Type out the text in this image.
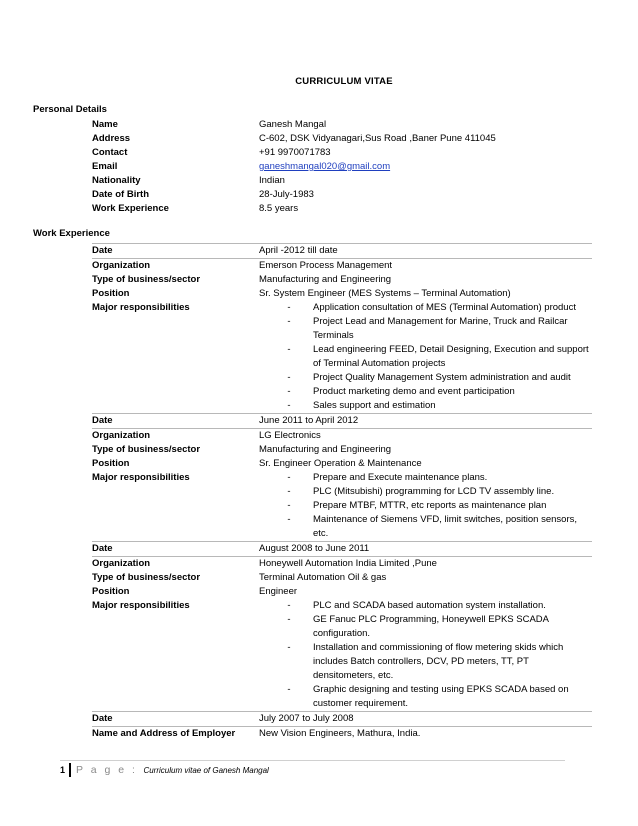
CURRICULUM VITAE
Personal Details
Name	Ganesh Mangal
Address	C-602, DSK Vidyanagari,Sus Road ,Baner Pune 411045
Contact	+91 9970071783
Email	ganeshmangal020@gmail.com
Nationality	Indian
Date of Birth	28-July-1983
Work Experience	8.5 years
Work Experience
Date	April -2012 till date
Organization	Emerson Process Management
Type of business/sector	Manufacturing and Engineering
Position	Sr. System Engineer (MES Systems – Terminal Automation)
Major responsibilities	-	Application consultation of MES (Terminal Automation) product
-	Project Lead and Management for Marine, Truck and Railcar Terminals
-	Lead engineering FEED, Detail Designing, Execution and support of Terminal Automation projects
-	Project Quality Management System administration and audit
-	Product marketing demo and event participation
-	Sales support and estimation
Date	June 2011 to April 2012
Organization	LG Electronics
Type of business/sector	Manufacturing and Engineering
Position	Sr. Engineer Operation & Maintenance
Major responsibilities	-	Prepare and Execute maintenance plans.
-	PLC (Mitsubishi) programming for LCD TV assembly line.
-	Prepare MTBF, MTTR, etc reports as maintenance plan
-	Maintenance of Siemens VFD, limit switches, position sensors, etc.
Date	August 2008 to June 2011
Organization	Honeywell Automation India Limited ,Pune
Type of business/sector	Terminal Automation Oil & gas
Position	Engineer
Major responsibilities	-	PLC and SCADA based automation system installation.
-	GE Fanuc PLC Programming, Honeywell EPKS SCADA configuration.
-	Installation and commissioning of flow metering skids which includes Batch controllers, DCV, PD meters, TT, PT densitometers, etc.
-	Graphic designing and testing using EPKS SCADA based on customer requirement.
Date	July 2007 to July 2008
Name and Address of Employer	New Vision Engineers, Mathura, India.
1	P a g e : Curriculum vitae of Ganesh Mangal
